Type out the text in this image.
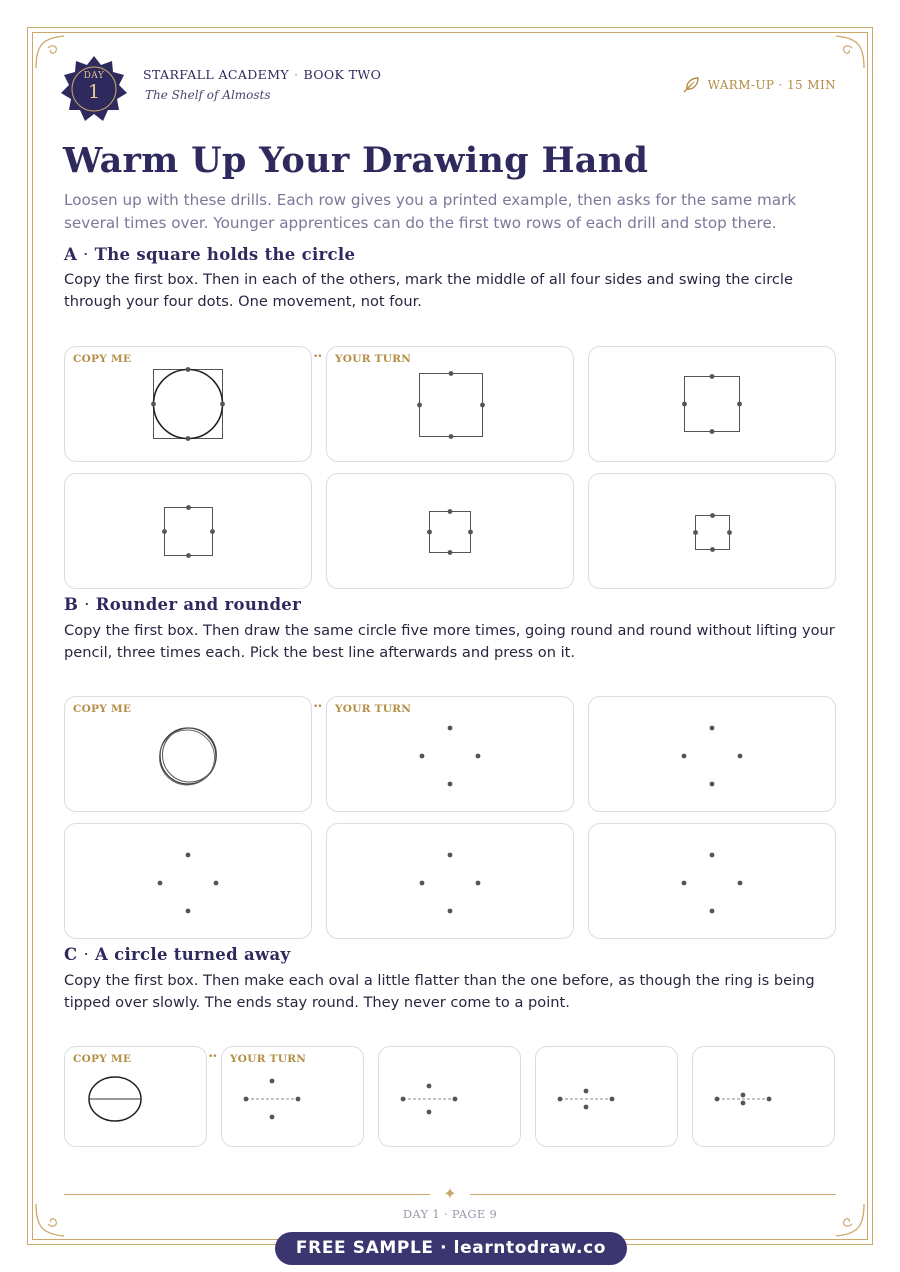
DAY
1
STARFALL ACADEMY · BOOK TWO
The Shelf of Almosts
WARM-UP · 15 MIN
Warm Up Your Drawing Hand
Loosen up with these drills. Each row gives you a printed example, then asks for the same mark several times over. Younger apprentices can do the first two rows of each drill and stop there.
A · The square holds the circle
Copy the first box. Then in each of the others, mark the middle of all four sides and swing the circle through your four dots. One movement, not four.
COPY ME	•• YOUR TURN
B · Rounder and rounder
Copy the first box. Then draw the same circle five more times, going round and round without lifting your pencil, three times each. Pick the best line afterwards and press on it.
COPY ME	•• YOUR TURN
C · A circle turned away
Copy the first box. Then make each oval a little flatter than the one before, as though the ring is being tipped over slowly. The ends stay round. They never come to a point.
COPY ME	•• YOUR TURN
✦
DAY 1 · PAGE 9
FREE SAMPLE · learntodraw.co
